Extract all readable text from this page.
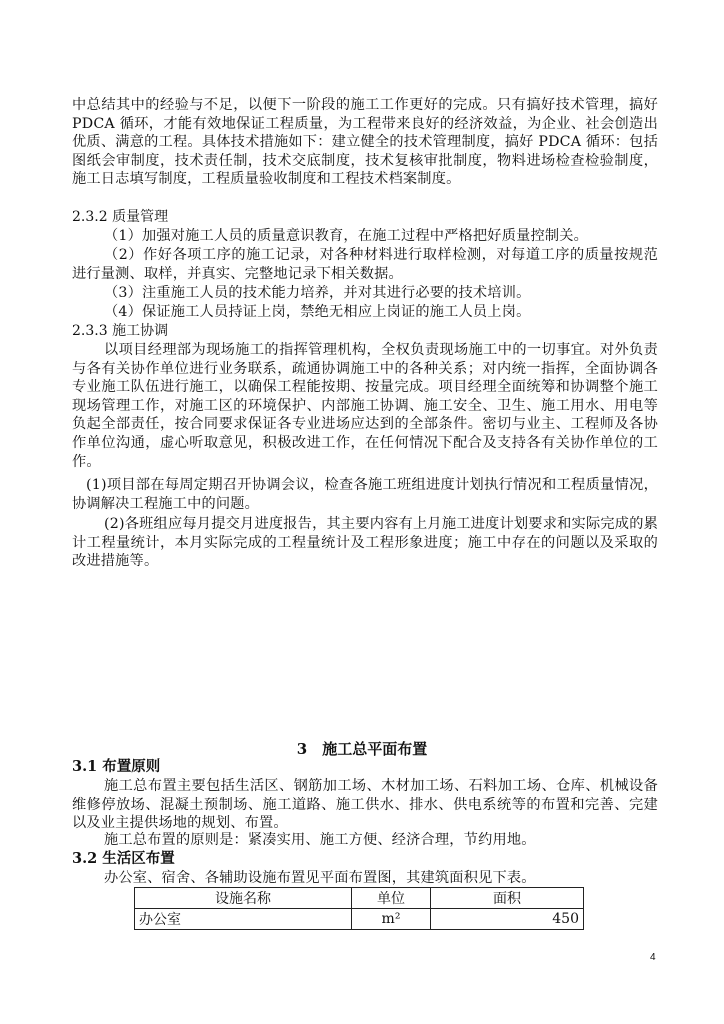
中总结其中的经验与不足，以便下一阶段的施工工作更好的完成。只有搞好技术管理，搞好 PDCA 循环，才能有效地保证工程质量，为工程带来良好的经济效益，为企业、社会创造出优质、满意的工程。具体技术措施如下：建立健全的技术管理制度，搞好 PDCA 循环：包括图纸会审制度，技术责任制，技术交底制度，技术复核审批制度，物料进场检查检验制度，施工日志填写制度，工程质量验收制度和工程技术档案制度。

2.3.2 质量管理

（1）加强对施工人员的质量意识教育，在施工过程中严格把好质量控制关。

（2）作好各项工序的施工记录，对各种材料进行取样检测，对每道工序的质量按规范进行量测、取样，并真实、完整地记录下相关数据。

（3）注重施工人员的技术能力培养，并对其进行必要的技术培训。

（4）保证施工人员持证上岗，禁绝无相应上岗证的施工人员上岗。

2.3.3 施工协调

以项目经理部为现场施工的指挥管理机构，全权负责现场施工中的一切事宜。对外负责与各有关协作单位进行业务联系，疏通协调施工中的各种关系；对内统一指挥，全面协调各专业施工队伍进行施工，以确保工程能按期、按量完成。项目经理全面统筹和协调整个施工现场管理工作，对施工区的环境保护、内部施工协调、施工安全、卫生、施工用水、用电等负起全部责任，按合同要求保证各专业进场应达到的全部条件。密切与业主、工程师及各协作单位沟通，虚心听取意见，积极改进工作，在任何情况下配合及支持各有关协作单位的工作。

(1)项目部在每周定期召开协调会议，检查各施工班组进度计划执行情况和工程质量情况，协调解决工程施工中的问题。

(2)各班组应每月提交月进度报告，其主要内容有上月施工进度计划要求和实际完成的累计工程量统计，本月实际完成的工程量统计及工程形象进度；施工中存在的问题以及采取的改进措施等。

3　施工总平面布置

3.1 布置原则

施工总布置主要包括生活区、钢筋加工场、木材加工场、石料加工场、仓库、机械设备维修停放场、混凝土预制场、施工道路、施工供水、排水、供电系统等的布置和完善、完建以及业主提供场地的规划、布置。

施工总布置的原则是：紧凑实用、施工方便、经济合理，节约用地。

3.2 生活区布置

办公室、宿舍、各辅助设施布置见平面布置图，其建筑面积见下表。

设施名称	单位	面积
办公室	m²	450
4
